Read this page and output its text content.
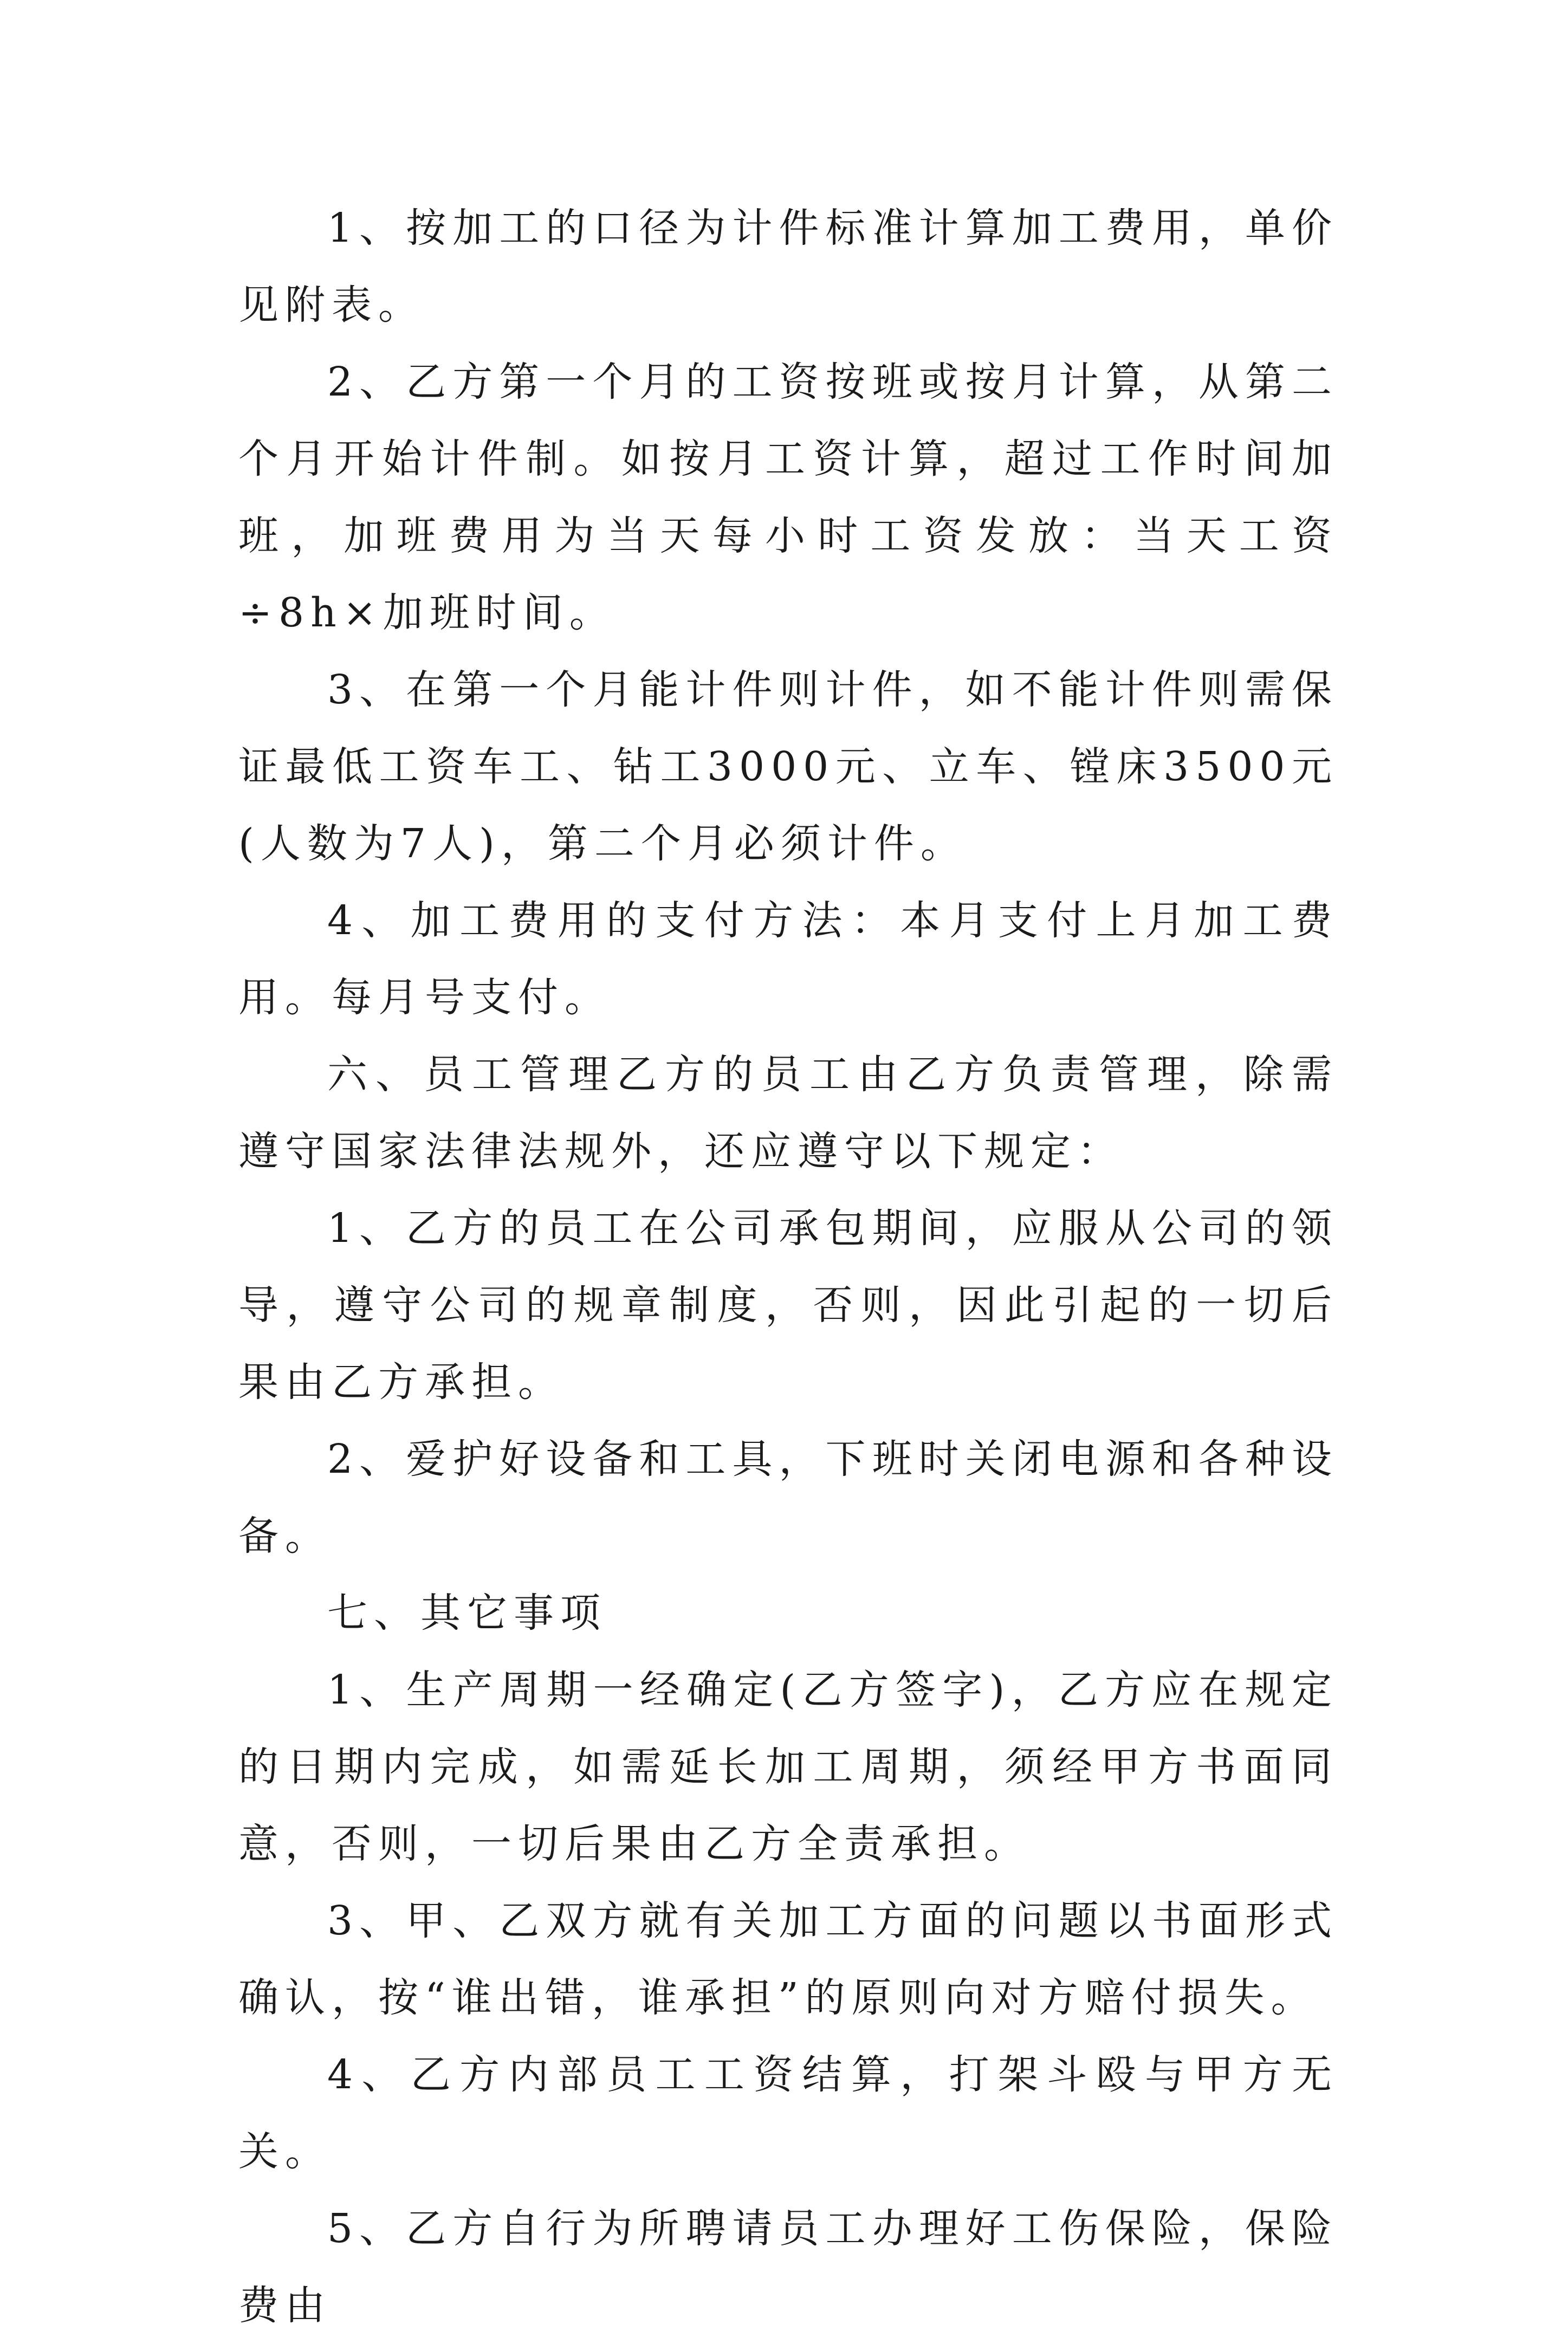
1、按加工的口径为计件标准计算加工费用，单价见附表。

2、乙方第一个月的工资按班或按月计算，从第二个月开始计件制。如按月工资计算，超过工作时间加班，加班费用为当天每小时工资发放：当天工资÷8h×加班时间。

3、在第一个月能计件则计件，如不能计件则需保证最低工资车工、钻工3000元、立车、镗床3500元(人数为7人)，第二个月必须计件。

4、加工费用的支付方法：本月支付上月加工费用。每月号支付。

六、员工管理乙方的员工由乙方负责管理，除需遵守国家法律法规外，还应遵守以下规定：

1、乙方的员工在公司承包期间，应服从公司的领导，遵守公司的规章制度，否则，因此引起的一切后果由乙方承担。

2、爱护好设备和工具，下班时关闭电源和各种设备。

七、其它事项

1、生产周期一经确定(乙方签字)，乙方应在规定的日期内完成，如需延长加工周期，须经甲方书面同意，否则，一切后果由乙方全责承担。

3、甲、乙双方就有关加工方面的问题以书面形式确认，按“谁出错，谁承担”的原则向对方赔付损失。

4、乙方内部员工工资结算，打架斗殴与甲方无关。

5、乙方自行为所聘请员工办理好工伤保险，保险费由
